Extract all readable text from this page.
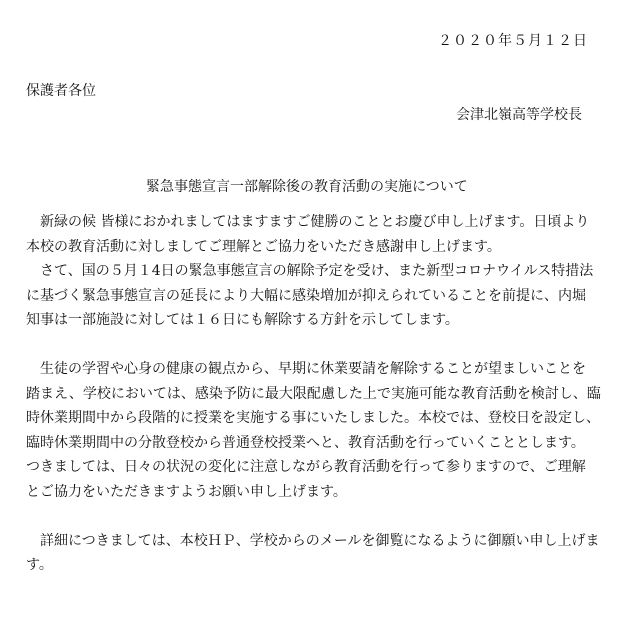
２０２０年５月１２日
保護者各位
会津北嶺高等学校長
緊急事態宣言一部解除後の教育活動の実施について

　新緑の候 皆様におかれましてはますますご健勝のこととお慶び申し上げます。日頃より
本校の教育活動に対しましてご理解とご協力をいただき感謝申し上げます。

　さて、国の５月１4日の緊急事態宣言の解除予定を受け、また新型コロナウイルス特措法
に基づく緊急事態宣言の延長により大幅に感染増加が抑えられていることを前提に、内堀
知事は一部施設に対しては１６日にも解除する方針を示してします。

　生徒の学習や心身の健康の観点から、早期に休業要請を解除することが望ましいことを
踏まえ、学校においては、感染予防に最大限配慮した上で実施可能な教育活動を検討し、臨
時休業期間中から段階的に授業を実施する事にいたしました。本校では、登校日を設定し、
臨時休業期間中の分散登校から普通登校授業へと、教育活動を行っていくこととします。
つきましては、日々の状況の変化に注意しながら教育活動を行って参りますので、ご理解
とご協力をいただきますようお願い申し上げます。

　詳細につきましては、本校ＨＰ、学校からのメールを御覧になるように御願い申し上げま
す。
